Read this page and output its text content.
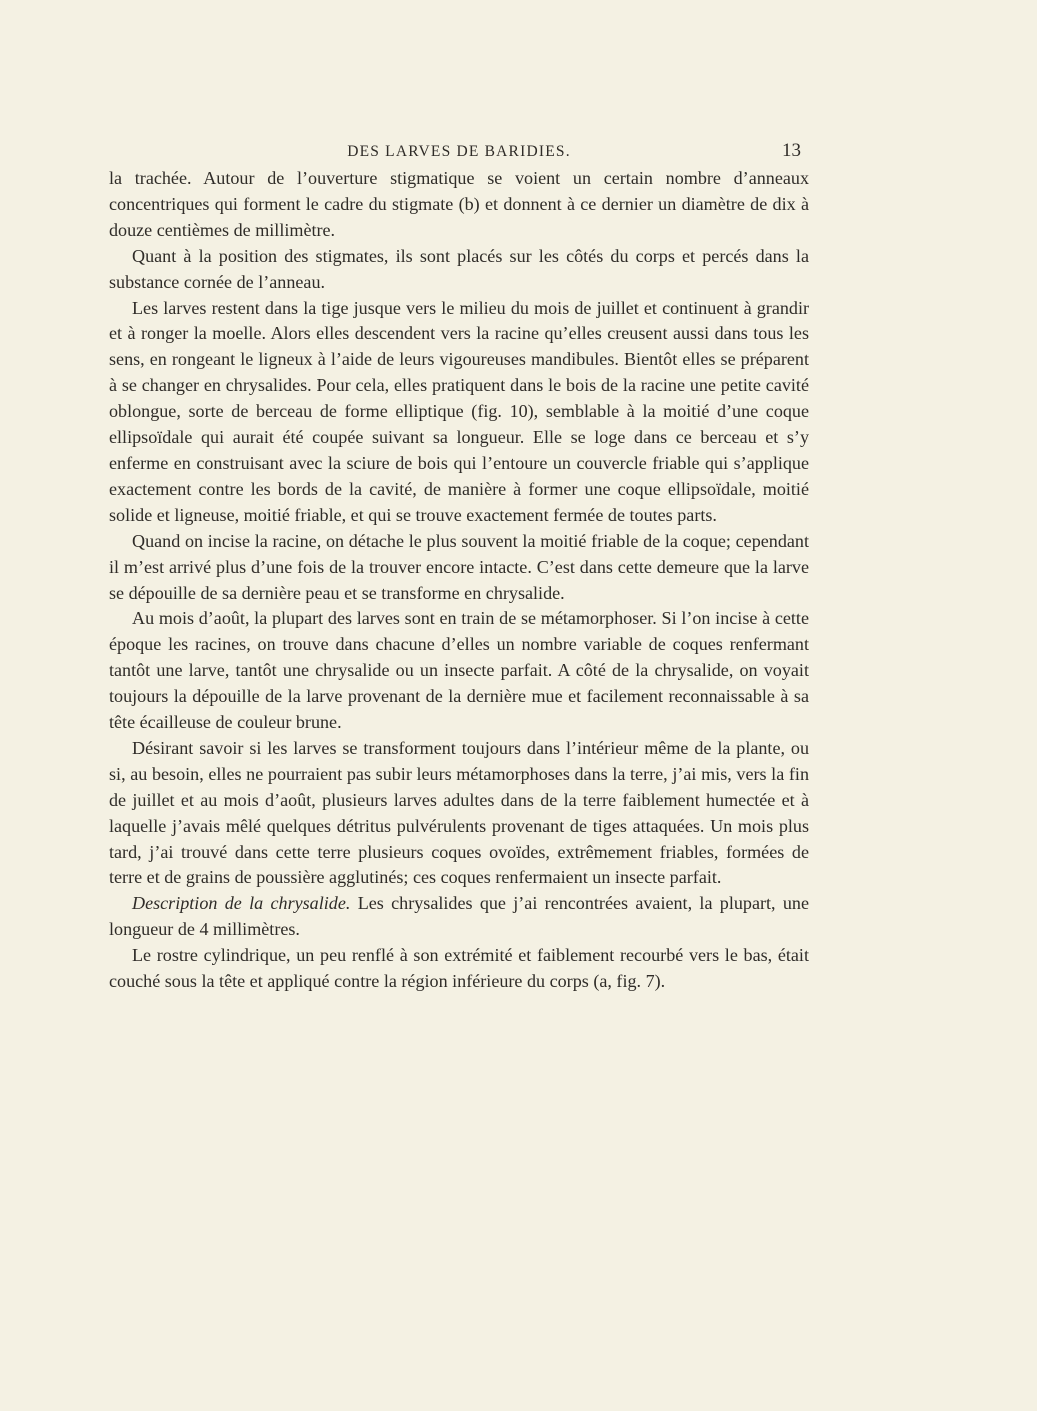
DES LARVES DE BARIDIES.	13

la trachée. Autour de l’ouverture stigmatique se voient un certain nombre d’anneaux concentriques qui forment le cadre du stigmate (b) et donnent à ce dernier un diamètre de dix à douze centièmes de millimètre.

Quant à la position des stigmates, ils sont placés sur les côtés du corps et percés dans la substance cornée de l’anneau.

Les larves restent dans la tige jusque vers le milieu du mois de juillet et continuent à grandir et à ronger la moelle. Alors elles descendent vers la racine qu’elles creusent aussi dans tous les sens, en rongeant le ligneux à l’aide de leurs vigoureuses mandibules. Bientôt elles se préparent à se changer en chrysalides. Pour cela, elles pratiquent dans le bois de la racine une petite cavité oblongue, sorte de berceau de forme elliptique (fig. 10), semblable à la moitié d’une coque ellipsoïdale qui aurait été coupée suivant sa longueur. Elle se loge dans ce berceau et s’y enferme en construisant avec la sciure de bois qui l’entoure un couvercle friable qui s’applique exactement contre les bords de la cavité, de manière à former une coque ellipsoïdale, moitié solide et ligneuse, moitié friable, et qui se trouve exactement fermée de toutes parts.

Quand on incise la racine, on détache le plus souvent la moitié friable de la coque; cependant il m’est arrivé plus d’une fois de la trouver encore intacte. C’est dans cette demeure que la larve se dépouille de sa dernière peau et se transforme en chrysalide.

Au mois d’août, la plupart des larves sont en train de se métamorphoser. Si l’on incise à cette époque les racines, on trouve dans chacune d’elles un nombre variable de coques renfermant tantôt une larve, tantôt une chrysalide ou un insecte parfait. A côté de la chrysalide, on voyait toujours la dépouille de la larve provenant de la dernière mue et facilement reconnaissable à sa tête écailleuse de couleur brune.

Désirant savoir si les larves se transforment toujours dans l’intérieur même de la plante, ou si, au besoin, elles ne pourraient pas subir leurs métamorphoses dans la terre, j’ai mis, vers la fin de juillet et au mois d’août, plusieurs larves adultes dans de la terre faiblement humectée et à laquelle j’avais mêlé quelques détritus pulvérulents provenant de tiges attaquées. Un mois plus tard, j’ai trouvé dans cette terre plusieurs coques ovoïdes, extrêmement friables, formées de terre et de grains de poussière agglutinés; ces coques renfermaient un insecte parfait.

Description de la chrysalide. Les chrysalides que j’ai rencontrées avaient, la plupart, une longueur de 4 millimètres.

Le rostre cylindrique, un peu renflé à son extrémité et faiblement recourbé vers le bas, était couché sous la tête et appliqué contre la région inférieure du corps (a, fig. 7).
